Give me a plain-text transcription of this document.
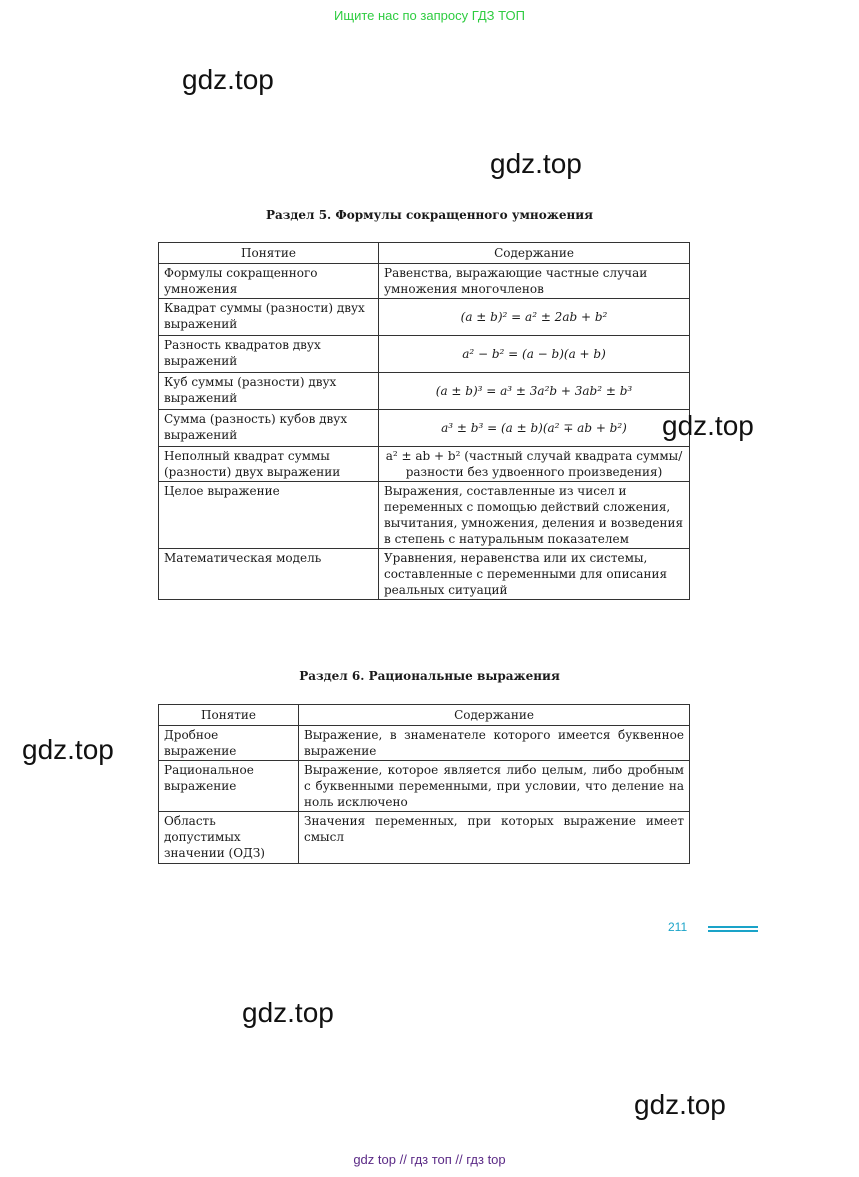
Ищите нас по запросу ГДЗ ТОП
gdz.top
gdz.top
Раздел 5. Формулы сокращенного умножения
Понятие	Содержание
Формулы сокращенного умножения	Равенства, выражающие частные случаи умножения многочленов
Квадрат суммы (разности) двух выражений	(a ± b)² = a² ± 2ab + b²
Разность квадратов двух выражений	a² − b² = (a − b)(a + b)
Куб суммы (разности) двух выражений	(a ± b)³ = a³ ± 3a²b + 3ab² ± b³
Сумма (разность) кубов двух выражений	a³ ± b³ = (a ± b)(a² ∓ ab + b²)
Неполный квадрат суммы (разности) двух выражении	a² ± ab + b² (частный случай квадрата суммы/разности без удвоенного произведения)
Целое выражение	Выражения, составленные из чисел и переменных с помощью действий сложения, вычитания, умножения, деления и возведения в степень с натуральным показателем
Математическая модель	Уравнения, неравенства или их системы, составленные с переменными для описания реальных ситуаций
gdz.top
Раздел 6. Рациональные выражения
Понятие	Содержание
Дробное выражение	Выражение, в знаменателе которого имеется буквенное выражение
Рациональное выражение	Выражение, которое является либо целым, либо дробным с буквенными переменными, при условии, что деление на ноль исключено
Область допустимых значении (ОДЗ)	Значения переменных, при которых выражение имеет смысл
gdz.top
211
gdz.top
gdz.top
gdz top // гдз топ // гдз top
